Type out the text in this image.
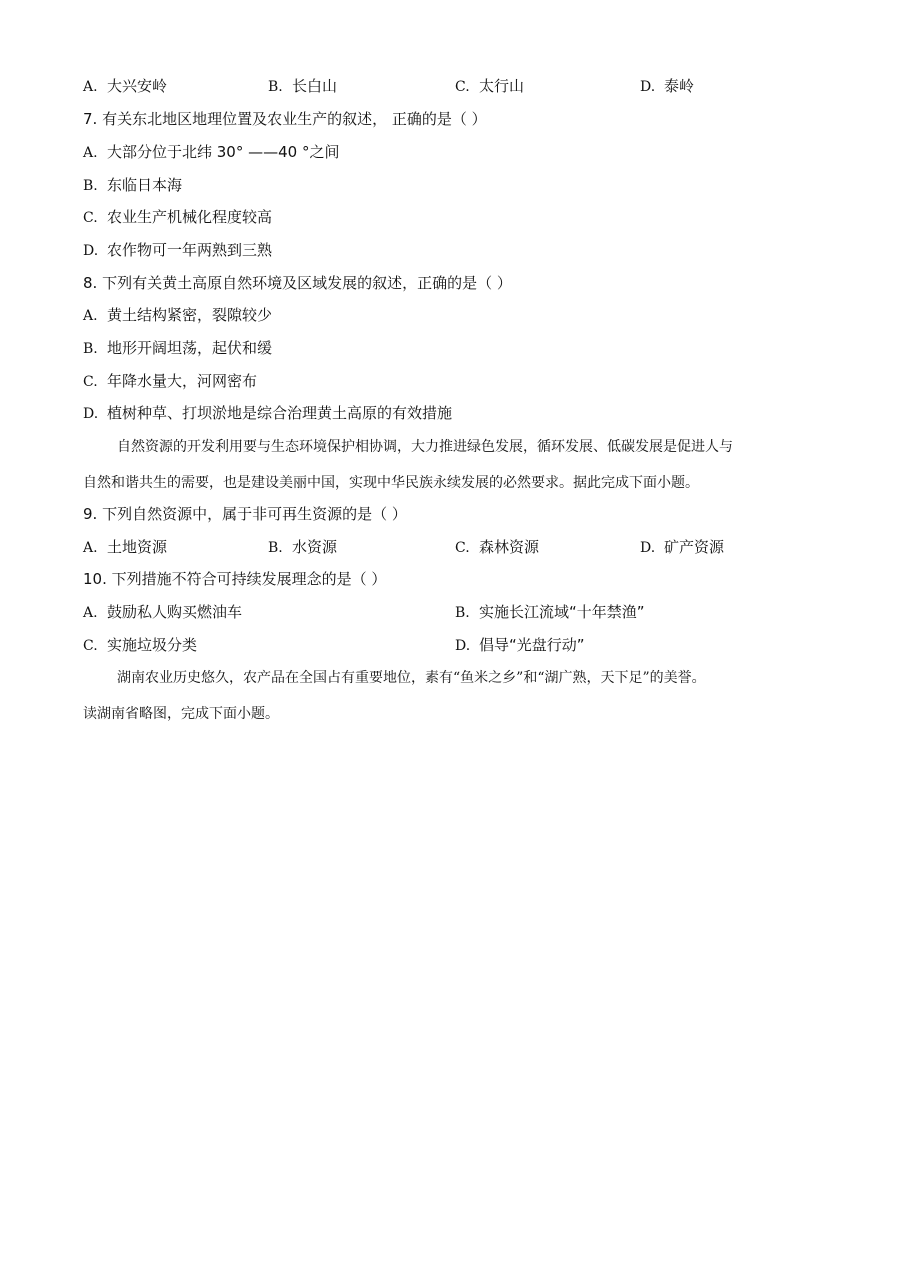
A. 大兴安岭	B. 长白山	C. 太行山	D. 泰岭
7. 有关东北地区地理位置及农业生产的叙述， 正确的是（ ）
A. 大部分位于北纬 30° ——40 °之间
B. 东临日本海
C. 农业生产机械化程度较高
D. 农作物可一年两熟到三熟
8. 下列有关黄土高原自然环境及区域发展的叙述，正确的是（ ）
A. 黄土结构紧密，裂隙较少
B. 地形开阔坦荡，起伏和缓
C. 年降水量大，河网密布
D. 植树种草、打坝淤地是综合治理黄土高原的有效措施
自然资源的开发利用要与生态环境保护相协调，大力推进绿色发展，循环发展、低碳发展是促进人与
自然和谐共生的需要，也是建设美丽中国，实现中华民族永续发展的必然要求。据此完成下面小题。
9. 下列自然资源中，属于非可再生资源的是（ ）
A. 土地资源	B. 水资源	C. 森林资源	D. 矿产资源
10. 下列措施不符合可持续发展理念的是（ ）
A. 鼓励私人购买燃油车	B. 实施长江流域“十年禁渔”
C. 实施垃圾分类	D. 倡导“光盘行动”
湖南农业历史悠久，农产品在全国占有重要地位，素有“鱼米之乡”和“湖广熟，天下足”的美誉。
读湖南省略图，完成下面小题。
